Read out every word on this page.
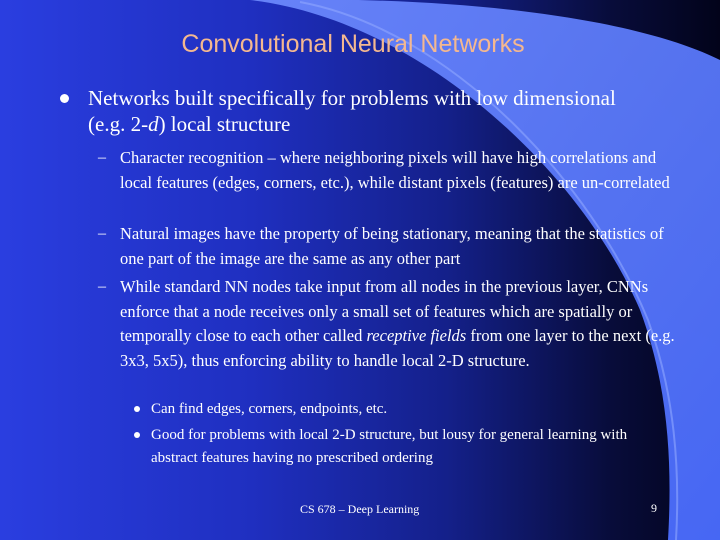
Convolutional Neural Networks
Networks built specifically for problems with low dimensional (e.g. 2-d) local structure
– Character recognition – where neighboring pixels will have high correlations and local features (edges, corners, etc.), while distant pixels (features) are un-correlated
– Natural images have the property of being stationary, meaning that the statistics of one part of the image are the same as any other part
– While standard NN nodes take input from all nodes in the previous layer, CNNs enforce that a node receives only a small set of features which are spatially or temporally close to each other called receptive fields from one layer to the next (e.g. 3x3, 5x5), thus enforcing ability to handle local 2-D structure.
Can find edges, corners, endpoints, etc.
Good for problems with local 2-D structure, but lousy for general learning with abstract features having no prescribed ordering
CS 678 – Deep Learning	9
